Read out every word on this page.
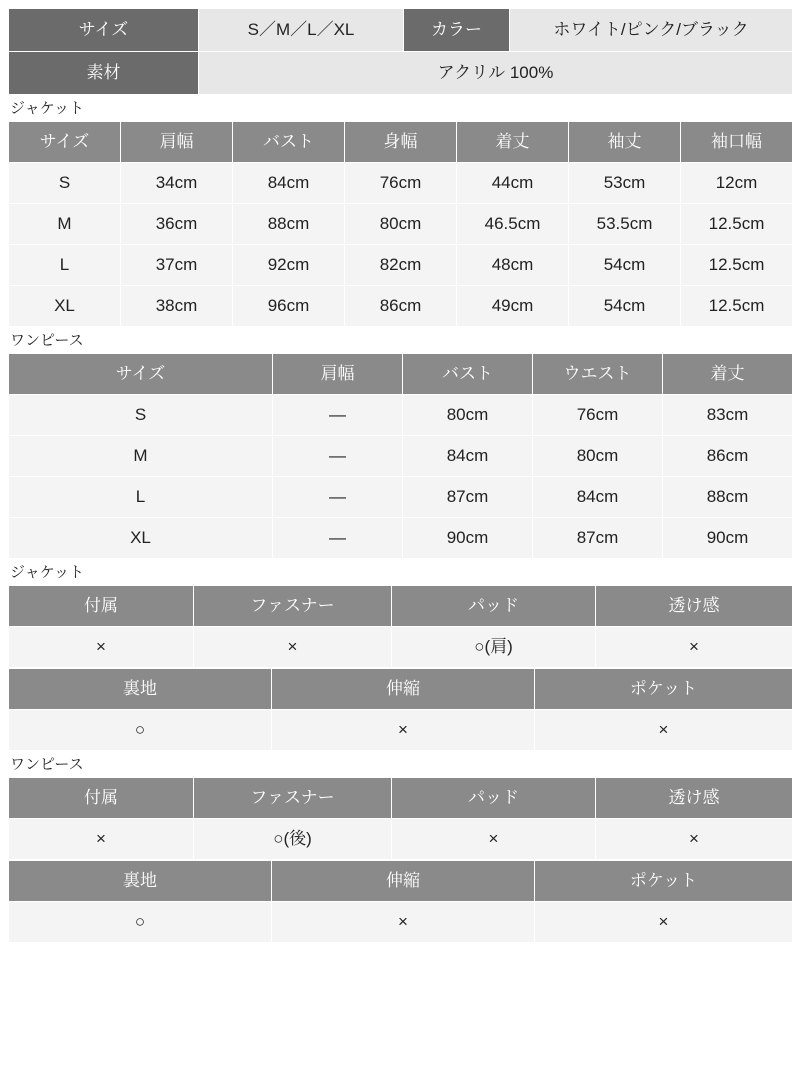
サイズ	S／M／L／XL	カラー	ホワイト/ピンク/ブラック
素材	アクリル 100%		
ジャケット
サイズ	肩幅	バスト	身幅	着丈	袖丈	袖口幅
S	34cm	84cm	76cm	44cm	53cm	12cm
M	36cm	88cm	80cm	46.5cm	53.5cm	12.5cm
L	37cm	92cm	82cm	48cm	54cm	12.5cm
XL	38cm	96cm	86cm	49cm	54cm	12.5cm
ワンピース
サイズ	肩幅	バスト	ウエスト	着丈
S	—	80cm	76cm	83cm
M	—	84cm	80cm	86cm
L	—	87cm	84cm	88cm
XL	—	90cm	87cm	90cm
ジャケット
付属	ファスナー	パッド	透け感
×	×	○(肩)	×
裏地	伸縮	ポケット
○	×	×
ワンピース
付属	ファスナー	パッド	透け感
×	○(後)	×	×
裏地	伸縮	ポケット
○	×	×
